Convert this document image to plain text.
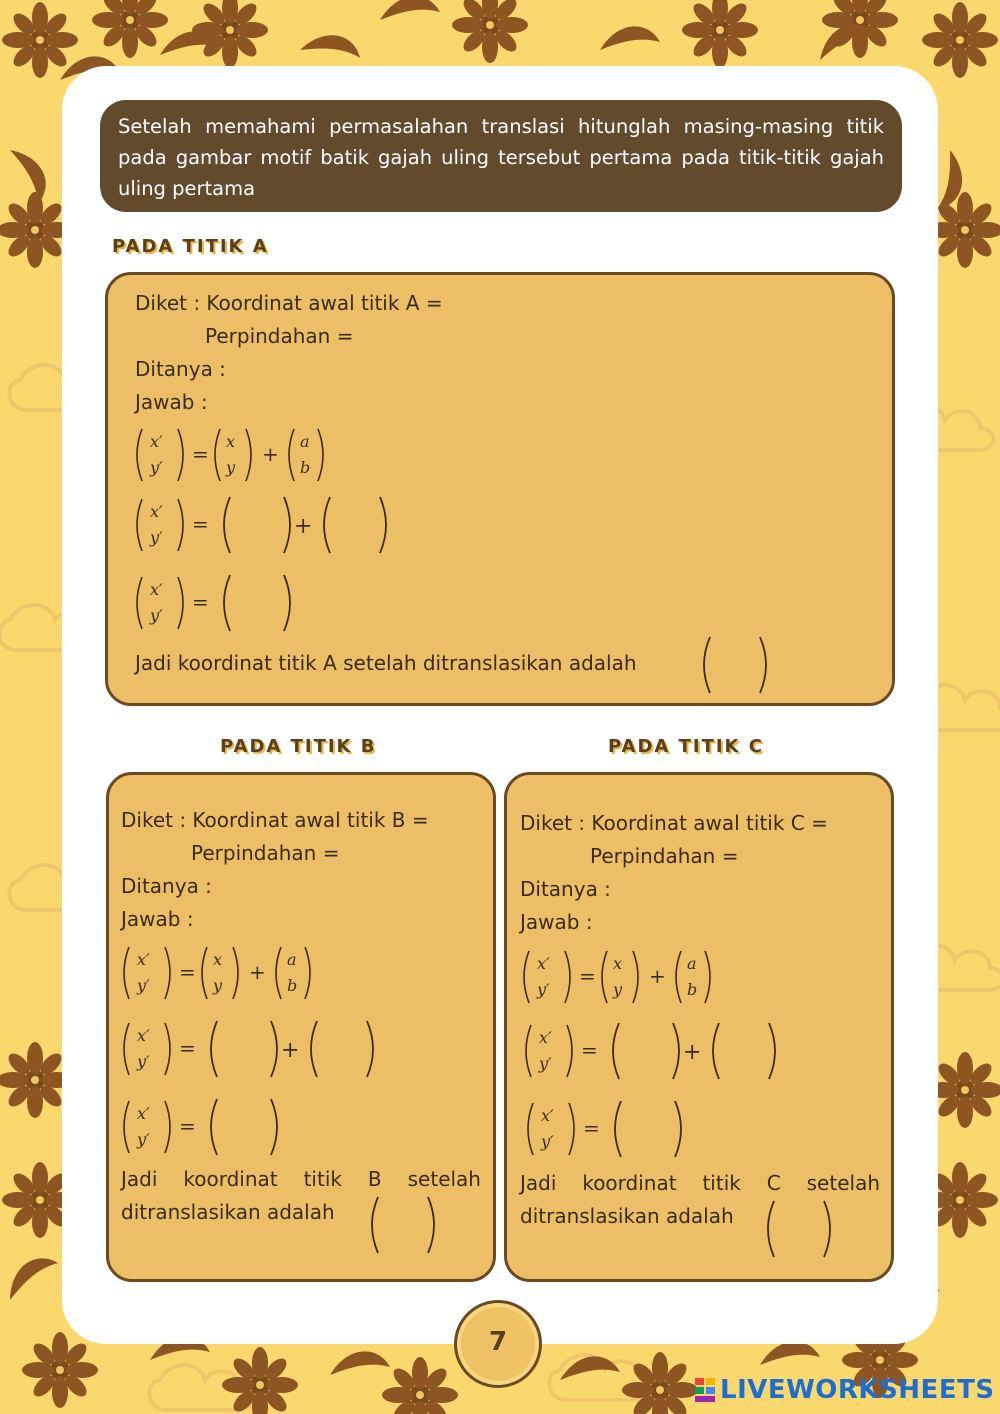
Setelah memahami permasalahan translasi hitunglah masing-masing titik pada gambar motif batik gajah uling tersebut pertama pada titik-titik gajah uling pertama
PADA TITIK A
Diket : Koordinat awal titik A =
Perpindahan =
Ditanya :
Jawab :
x′
y′
=
x
y
+
a
b
x′
y′
=	+
x′
y′
=
Jadi koordinat titik A setelah ditranslasikan adalah
PADA TITIK B
Diket : Koordinat awal titik B =
Perpindahan =
Ditanya :
Jawab :
x′
y′
=
x
y
+
a
b
x′
y′
=	+
x′
y′
=
Jadi koordinat titik B setelah
ditranslasikan adalah
PADA TITIK C
Diket : Koordinat awal titik C =
Perpindahan =
Ditanya :
Jawab :
x′
y′
=
x
y
+
a
b
x′
y′
=	+
x′
y′
=
Jadi koordinat titik C setelah
ditranslasikan adalah
7
LIVEWORKSHEETS
